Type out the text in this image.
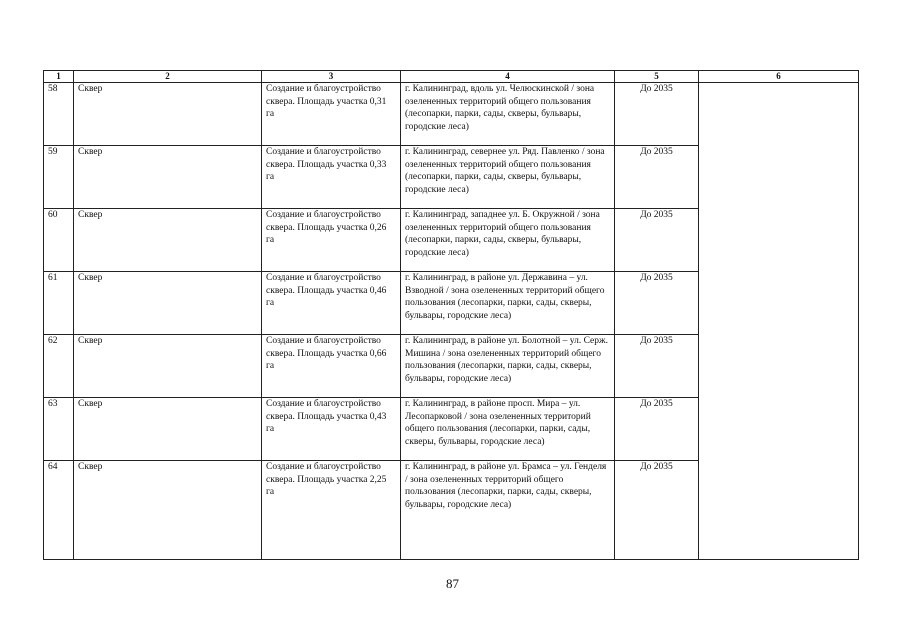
1	2	3	4	5	6
58	Сквер	Создание и благоустройство сквера. Площадь участка 0,31 га	г. Калининград, вдоль ул. Челюскинской / зона озелененных территорий общего пользования (лесопарки, парки, сады, скверы, бульвары, городские леса)	До 2035	
59	Сквер	Создание и благоустройство сквера. Площадь участка 0,33 га	г. Калининград, севернее ул. Ряд. Павленко / зона озелененных территорий общего пользования (лесопарки, парки, сады, скверы, бульвары, городские леса)	До 2035	
60	Сквер	Создание и благоустройство сквера. Площадь участка 0,26 га	г. Калининград, западнее ул. Б. Окружной / зона озелененных территорий общего пользования (лесопарки, парки, сады, скверы, бульвары, городские леса)	До 2035	
61	Сквер	Создание и благоустройство сквера. Площадь участка 0,46 га	г. Калининград, в районе ул. Державина – ул. Взводной / зона озелененных территорий общего пользования (лесопарки, парки, сады, скверы, бульвары, городские леса)	До 2035	
62	Сквер	Создание и благоустройство сквера. Площадь участка 0,66 га	г. Калининград, в районе ул. Болотной – ул. Серж. Мишина / зона озелененных территорий общего пользования (лесопарки, парки, сады, скверы, бульвары, городские леса)	До 2035	
63	Сквер	Создание и благоустройство сквера. Площадь участка 0,43 га	г. Калининград, в районе просп. Мира – ул. Лесопарковой / зона озелененных территорий общего пользования (лесопарки, парки, сады, скверы, бульвары, городские леса)	До 2035	
64	Сквер	Создание и благоустройство сквера. Площадь участка 2,25 га	г. Калининград, в районе ул. Брамса – ул. Генделя / зона озелененных территорий общего пользования (лесопарки, парки, сады, скверы, бульвары, городские леса)	До 2035	
87
